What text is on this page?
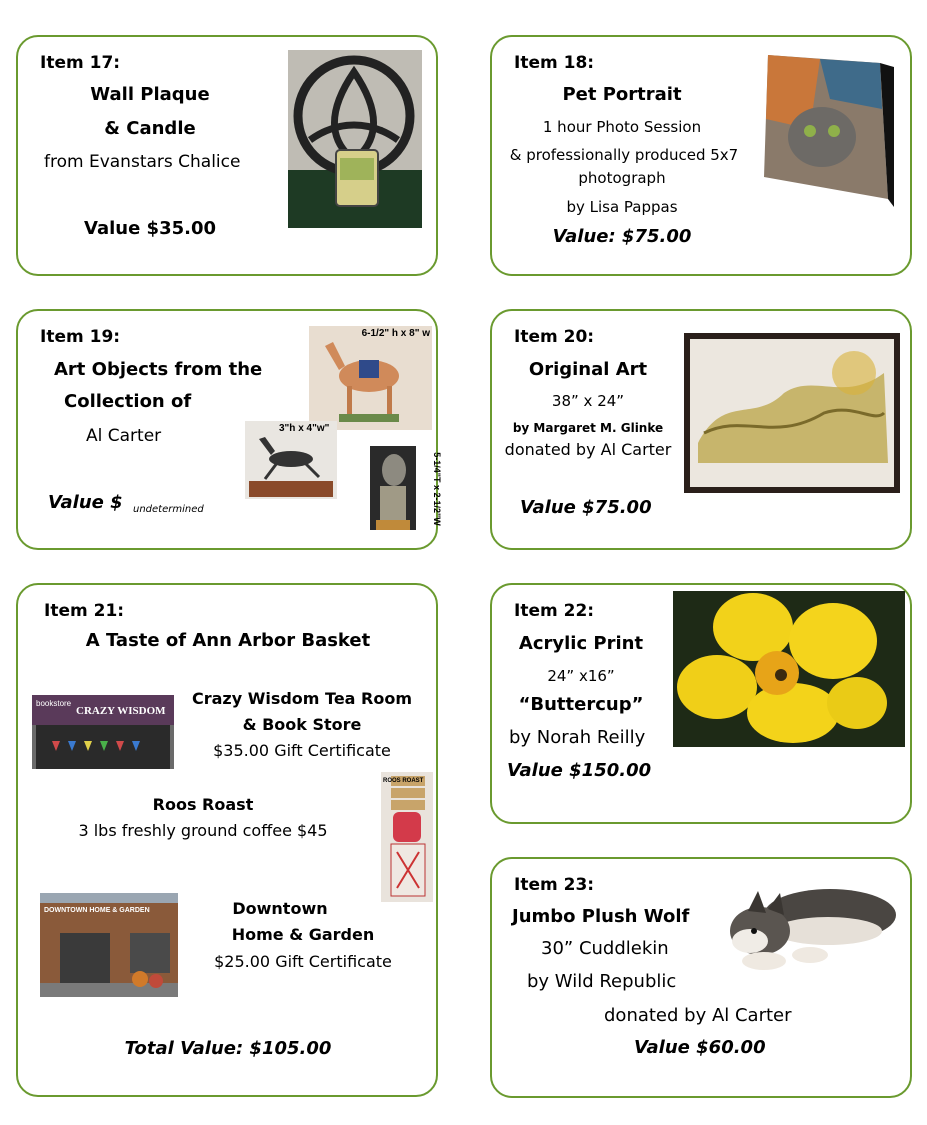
Item 17:
Wall Plaque
& Candle
from Evanstars Chalice
Value $35.00
Item 18:
Pet Portrait
1 hour Photo Session
& professionally produced 5x7
photograph
by Lisa Pappas
Value: $75.00
Item 19:
Art Objects from the
Collection of
Al Carter
Value $ undetermined
6-1/2" h x 8" w
3"h x 4"w"
5-1/4"T x 2-1/2"W
Item 20:
Original Art
38” x 24”
by Margaret M. Glinke
donated by Al Carter
Value $75.00
Item 21:
A Taste of Ann Arbor Basket
bookstore
CRAZY WISDOM
Crazy Wisdom Tea Room
& Book Store
$35.00 Gift Certificate
Roos Roast
3 lbs freshly ground coffee $45
ROOS ROAST
DOWNTOWN HOME & GARDEN	Downtown
Home & Garden
$25.00 Gift Certificate
Total Value: $105.00
Item 22:
Acrylic Print
24” x16”
“Buttercup”
by Norah Reilly
Value $150.00
Item 23:
Jumbo Plush Wolf
30” Cuddlekin
by Wild Republic
donated by Al Carter
Value $60.00
